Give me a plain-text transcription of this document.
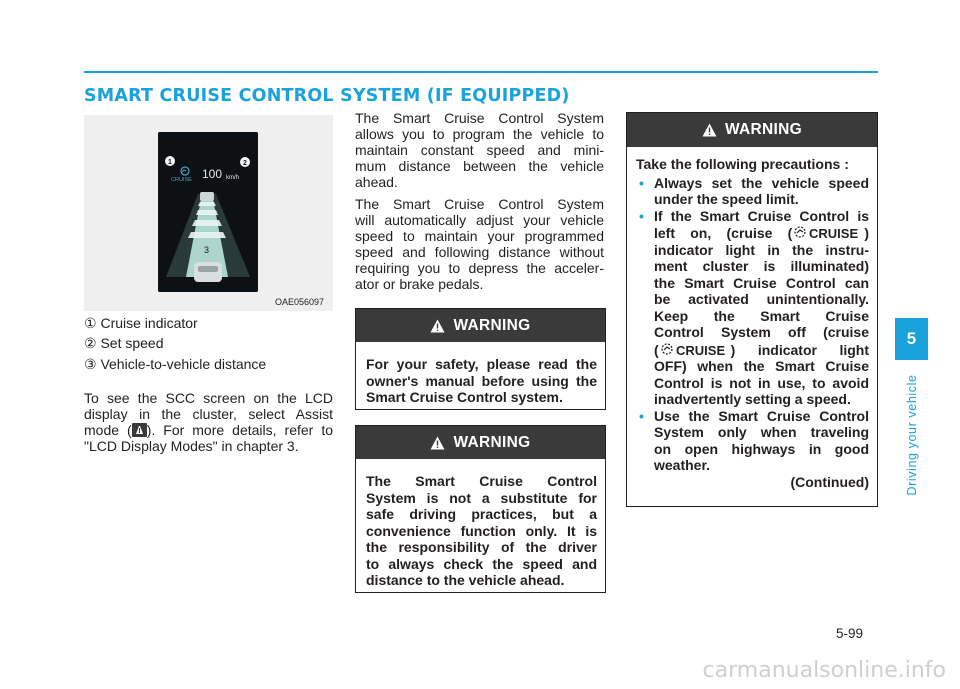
SMART CRUISE CONTROL SYSTEM (IF EQUIPPED)
5
Driving your vehicle
CRUISE 100 km/h
1	2
3
OAE056097
① Cruise indicator
② Set speed
③ Vehicle-to-vehicle distance
To see the SCC screen on the LCD
display in the cluster, select Assist
mode ( ). For more details, refer to
"LCD Display Modes" in chapter 3.
The Smart Cruise Control System
allows you to program the vehicle to
maintain constant speed and mini-
mum distance between the vehicle
ahead.
The Smart Cruise Control System
will automatically adjust your vehicle
speed to maintain your programmed
speed and following distance without
requiring you to depress the acceler-
ator or brake pedals.
WARNING
For your safety, please read the
owner's manual before using the
Smart Cruise Control system.
WARNING
The Smart Cruise Control
System is not a substitute for
safe driving practices, but a
convenience function only. It is
the responsibility of the driver
to always check the speed and
distance to the vehicle ahead.
WARNING
Take the following precautions :
• Always set the vehicle speed
under the speed limit.
• If the Smart Cruise Control is
left on, (cruise ( CRUISE )
indicator light in the instru-
ment cluster is illuminated)
the Smart Cruise Control can
be activated unintentionally.
Keep the Smart Cruise
Control System off (cruise
( CRUISE ) indicator light
OFF) when the Smart Cruise
Control is not in use, to avoid
inadvertently setting a speed.
• Use the Smart Cruise Control
System only when traveling
on open highways in good
weather.
(Continued)
5-99
carmanualsonline.info
